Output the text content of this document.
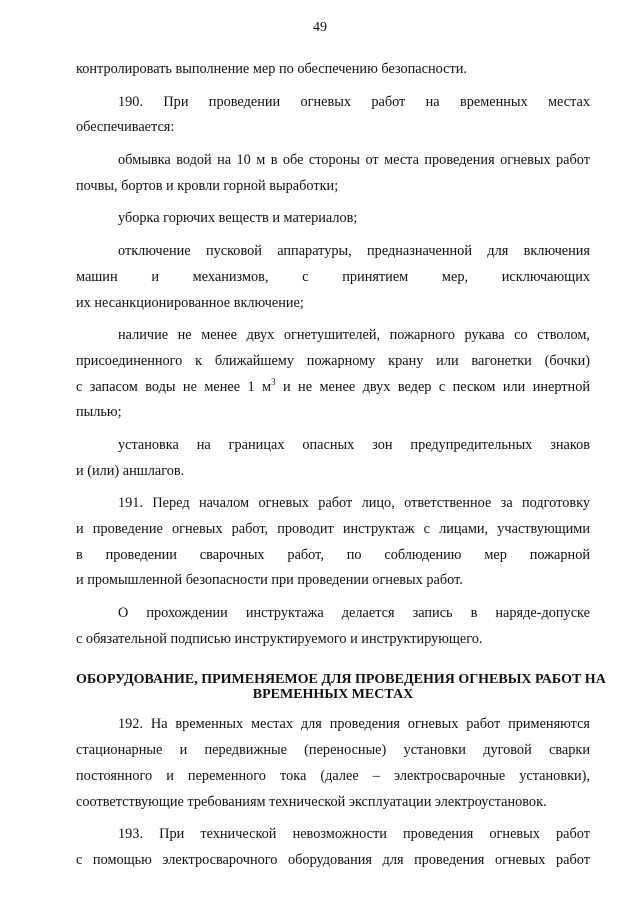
49
контролировать выполнение мер по обеспечению безопасности.
190. При проведении огневых работ на временных местах
обеспечивается:
обмывка водой на 10 м в обе стороны от места проведения огневых работ
почвы, бортов и кровли горной выработки;
уборка горючих веществ и материалов;
отключение пусковой аппаратуры, предназначенной для включения
машин и механизмов, с принятием мер, исключающих
их несанкционированное включение;
наличие не менее двух огнетушителей, пожарного рукава со стволом,
присоединенного к ближайшему пожарному крану или вагонетки (бочки)
с запасом воды не менее 1 $м^3$ и не менее двух ведер с песком или инертной
пылью;
установка на границах опасных зон предупредительных знаков
и (или) аншлагов.
191. Перед началом огневых работ лицо, ответственное за подготовку
и проведение огневых работ, проводит инструктаж с лицами, участвующими
в проведении сварочных работ, по соблюдению мер пожарной
и промышленной безопасности при проведении огневых работ.
О прохождении инструктажа делается запись в наряде-допуске
с обязательной подписью инструктируемого и инструктирующего.
ОБОРУДОВАНИЕ, ПРИМЕНЯЕМОЕ ДЛЯ ПРОВЕДЕНИЯ ОГНЕВЫХ РАБОТ НА
ВРЕМЕННЫХ МЕСТАХ
192. На временных местах для проведения огневых работ применяются
стационарные и передвижные (переносные) установки дуговой сварки
постоянного и переменного тока (далее – электросварочные установки),
соответствующие требованиям технической эксплуатации электроустановок.
193. При технической невозможности проведения огневых работ
с помощью электросварочного оборудования для проведения огневых работ
